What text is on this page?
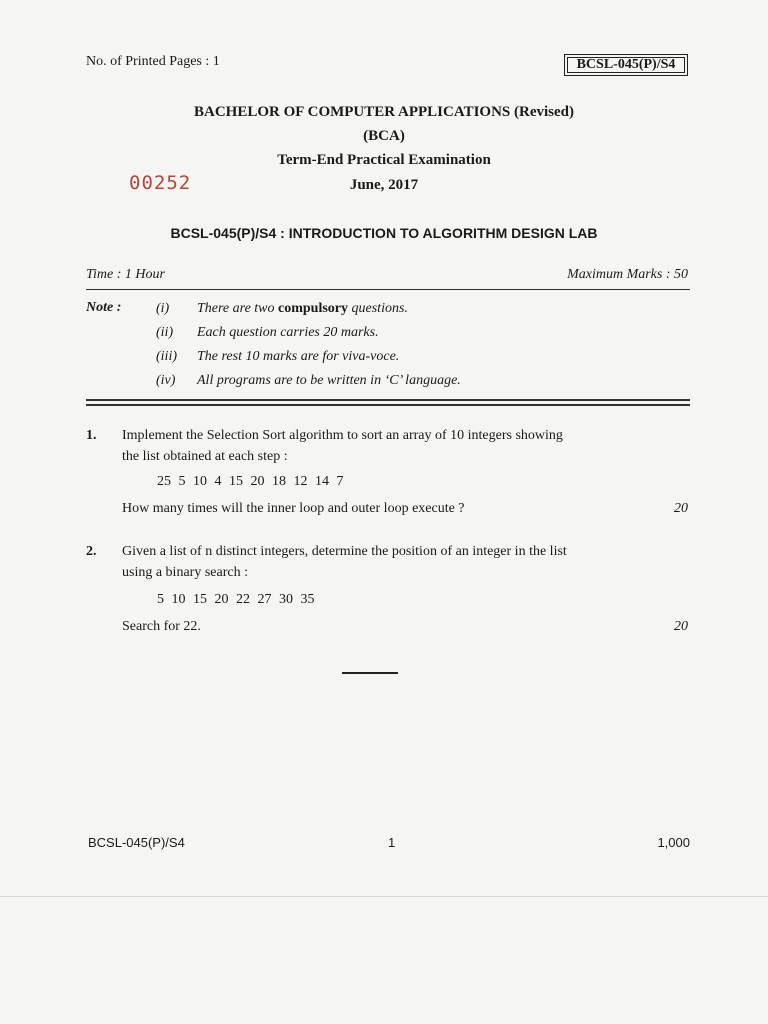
No. of Printed Pages : 1	BCSL-045(P)/S4
BACHELOR OF COMPUTER APPLICATIONS (Revised)
(BCA)
Term-End Practical Examination
June, 2017
00252
BCSL-045(P)/S4 : INTRODUCTION TO ALGORITHM DESIGN LAB
Time : 1 Hour	Maximum Marks : 50
Note : (i) There are two compulsory questions.
(ii) Each question carries 20 marks.
(iii) The rest 10 marks are for viva-voce.
(iv) All programs are to be written in ‘C’ language.
1. Implement the Selection Sort algorithm to sort an array of 10 integers showing
the list obtained at each step :
25 5 10 4 15 20 18 12 14 7
How many times will the inner loop and outer loop execute ?	20
2. Given a list of n distinct integers, determine the position of an integer in the list
using a binary search :
5 10 15 20 22 27 30 35
Search for 22.	20
BCSL-045(P)/S4	1	1,000
